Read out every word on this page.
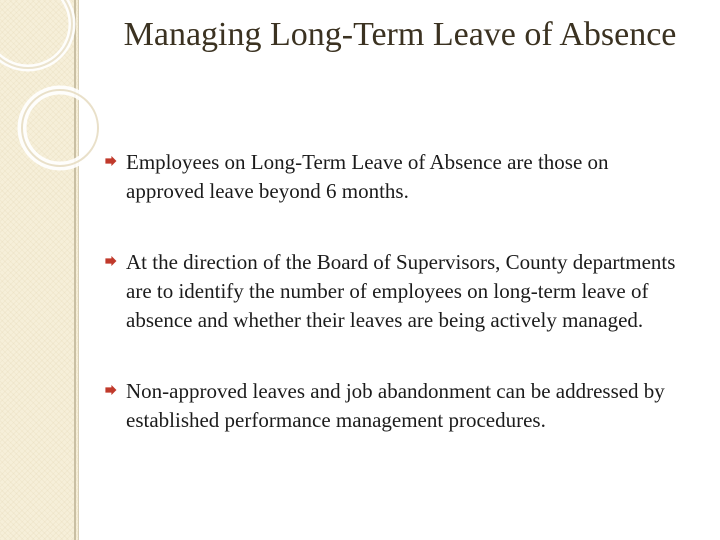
Managing Long-Term Leave of Absence
Employees on Long-Term Leave of Absence are those on approved leave beyond 6 months.
At the direction of the Board of Supervisors, County departments are to identify the number of employees on long-term leave of absence and whether their leaves are being actively managed.
Non-approved leaves and job abandonment can be addressed by established performance management procedures.
